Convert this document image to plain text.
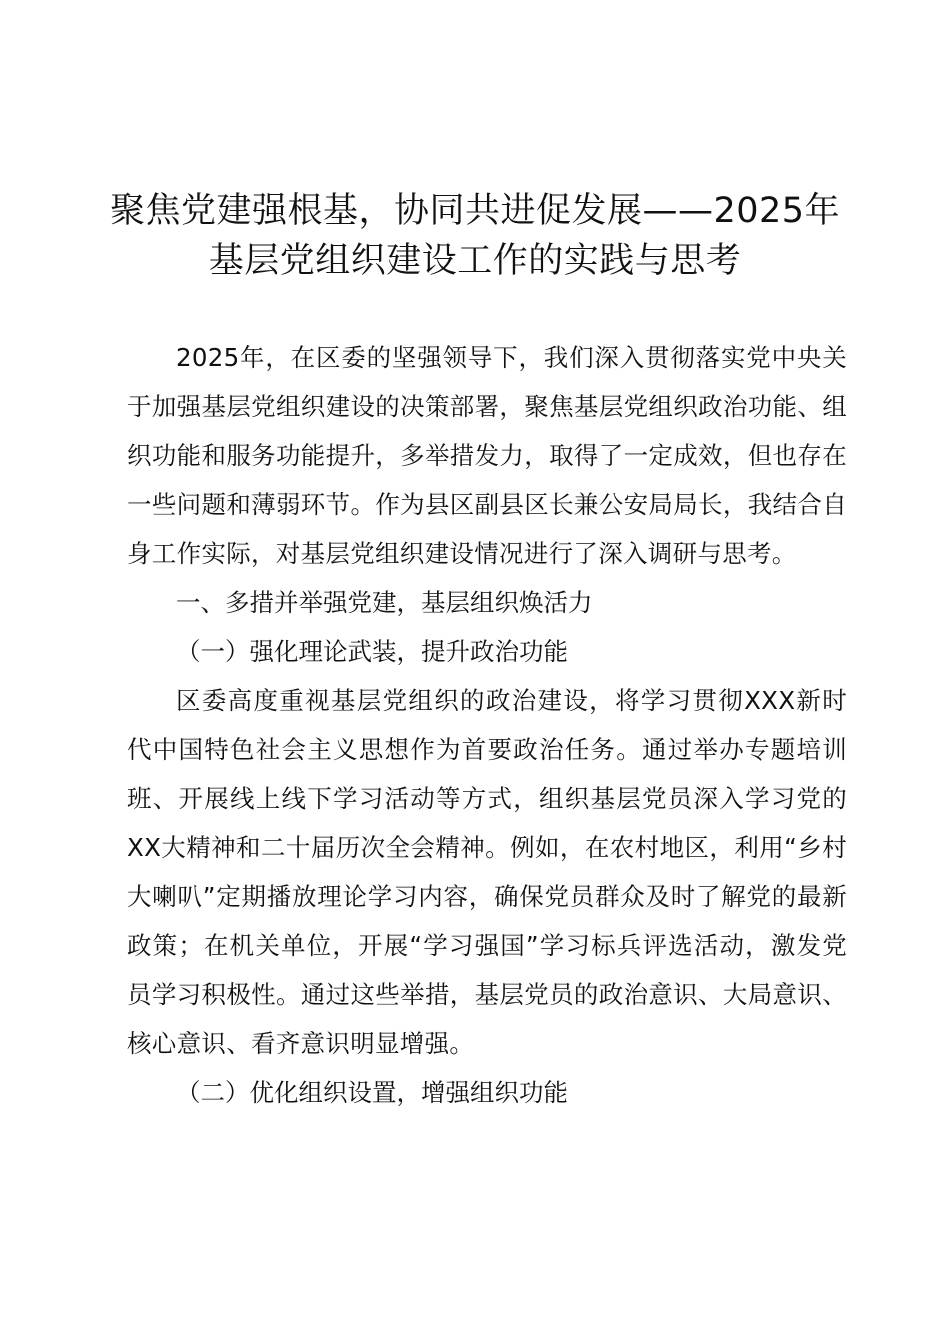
聚焦党建强根基，协同共进促发展——2025年基层党组织建设工作的实践与思考

2025年，在区委的坚强领导下，我们深入贯彻落实党中央关于加强基层党组织建设的决策部署，聚焦基层党组织政治功能、组织功能和服务功能提升，多举措发力，取得了一定成效，但也存在一些问题和薄弱环节。作为县区副县区长兼公安局局长，我结合自身工作实际，对基层党组织建设情况进行了深入调研与思考。

一、多措并举强党建，基层组织焕活力

（一）强化理论武装，提升政治功能

区委高度重视基层党组织的政治建设，将学习贯彻XXX新时代中国特色社会主义思想作为首要政治任务。通过举办专题培训班、开展线上线下学习活动等方式，组织基层党员深入学习党的XX大精神和二十届历次全会精神。例如，在农村地区，利用“乡村大喇叭”定期播放理论学习内容，确保党员群众及时了解党的最新政策；在机关单位，开展“学习强国”学习标兵评选活动，激发党员学习积极性。通过这些举措，基层党员的政治意识、大局意识、核心意识、看齐意识明显增强。

（二）优化组织设置，增强组织功能
